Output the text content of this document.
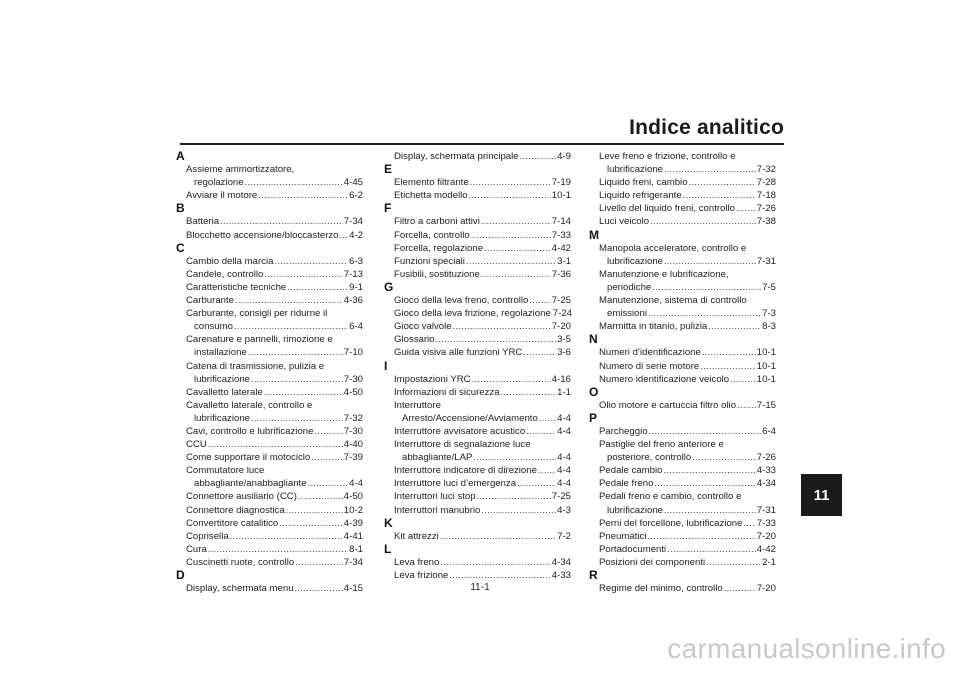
Indice analitico
A
Assieme ammortizzatore,
regolazione .....	4-45
Avviare il motore .....	6-2
B
Batteria .....	7-34
Blocchetto accensione/bloccasterzo ..... 4-2
C
Cambio della marcia .....	6-3
Candele, controllo .....	7-13
Caratteristiche tecniche .....	9-1
Carburante .....	4-36
Carburante, consigli per ridurne il
consumo .....	6-4
Carenature e pannelli, rimozione e
installazione .....	7-10
Catena di trasmissione, pulizia e
lubrificazione .....	7-30
Cavalletto laterale .....	4-50
Cavalletto laterale, controllo e
lubrificazione .....	7-32
Cavi, controllo e lubrificazione .....	7-30
CCU .....	4-40
Come supportare il motociclo .....	7-39
Commutatore luce
abbagliante/anabbagliante .....	4-4
Connettore ausiliario (CC) .....	4-50
Connettore diagnostica .....	10-2
Convertitore catalitico .....	4-39
Coprisella .....	4-41
Cura .....	8-1
Cuscinetti ruote, controllo .....	7-34
D
Display, schermata menu .....	4-15
Display, schermata principale .....	4-9
E
Elemento filtrante .....	7-19
Etichetta modello .....	10-1
F
Filtro a carboni attivi .....	7-14
Forcella, controllo .....	7-33
Forcella, regolazione .....	4-42
Funzioni speciali .....	3-1
Fusibili, sostituzione .....	7-36
G
Gioco della leva freno, controllo ..... 7-25
Gioco della leva frizione, regolazione 7-24
Gioco valvole .....	7-20
Glossario .....	3-5
Guida visiva alle funzioni YRC .....	3-6
I
Impostazioni YRC .....	4-16
Informazioni di sicurezza .....	1-1
Interruttore
Arresto/Accensione/Avviamento ..... 4-4
Interruttore avvisatore acustico .....	4-4
Interruttore di segnalazione luce
abbagliante/LAP .....	4-4
Interruttore indicatore di direzione ..... 4-4
Interruttore luci d’emergenza .....	4-4
Interruttori luci stop .....	7-25
Interruttori manubrio .....	4-3
K
Kit attrezzi .....	7-2
L
Leva freno .....	4-34
Leva frizione .....	4-33
Leve freno e frizione, controllo e
lubrificazione .....	7-32
Liquido freni, cambio .....	7-28
Liquido refrigerante .....	7-18
Livello del liquido freni, controllo ..... 7-26
Luci veicolo .....	7-38
M
Manopola acceleratore, controllo e
lubrificazione .....	7-31
Manutenzione e lubrificazione,
periodiche .....	7-5
Manutenzione, sistema di controllo
emissioni .....	7-3
Marmitta in titanio, pulizia .....	8-3
N
Numeri d’identificazione .....	10-1
Numero di serie motore .....	10-1
Numero identificazione veicolo .....	10-1
O
Olio motore e cartuccia filtro olio ..... 7-15
P
Parcheggio .....	6-4
Pastiglie del freno anteriore e
posteriore, controllo .....	7-26
Pedale cambio .....	4-33
Pedale freno .....	4-34
Pedali freno e cambio, controllo e
lubrificazione .....	7-31
Perni del forcellone, lubrificazione ..... 7-33
Pneumatici .....	7-20
Portadocumenti .....	4-42
Posizioni dei componenti .....	2-1
R
Regime del minimo, controllo .....	7-20
11
11-1
carmanualsonline.info
